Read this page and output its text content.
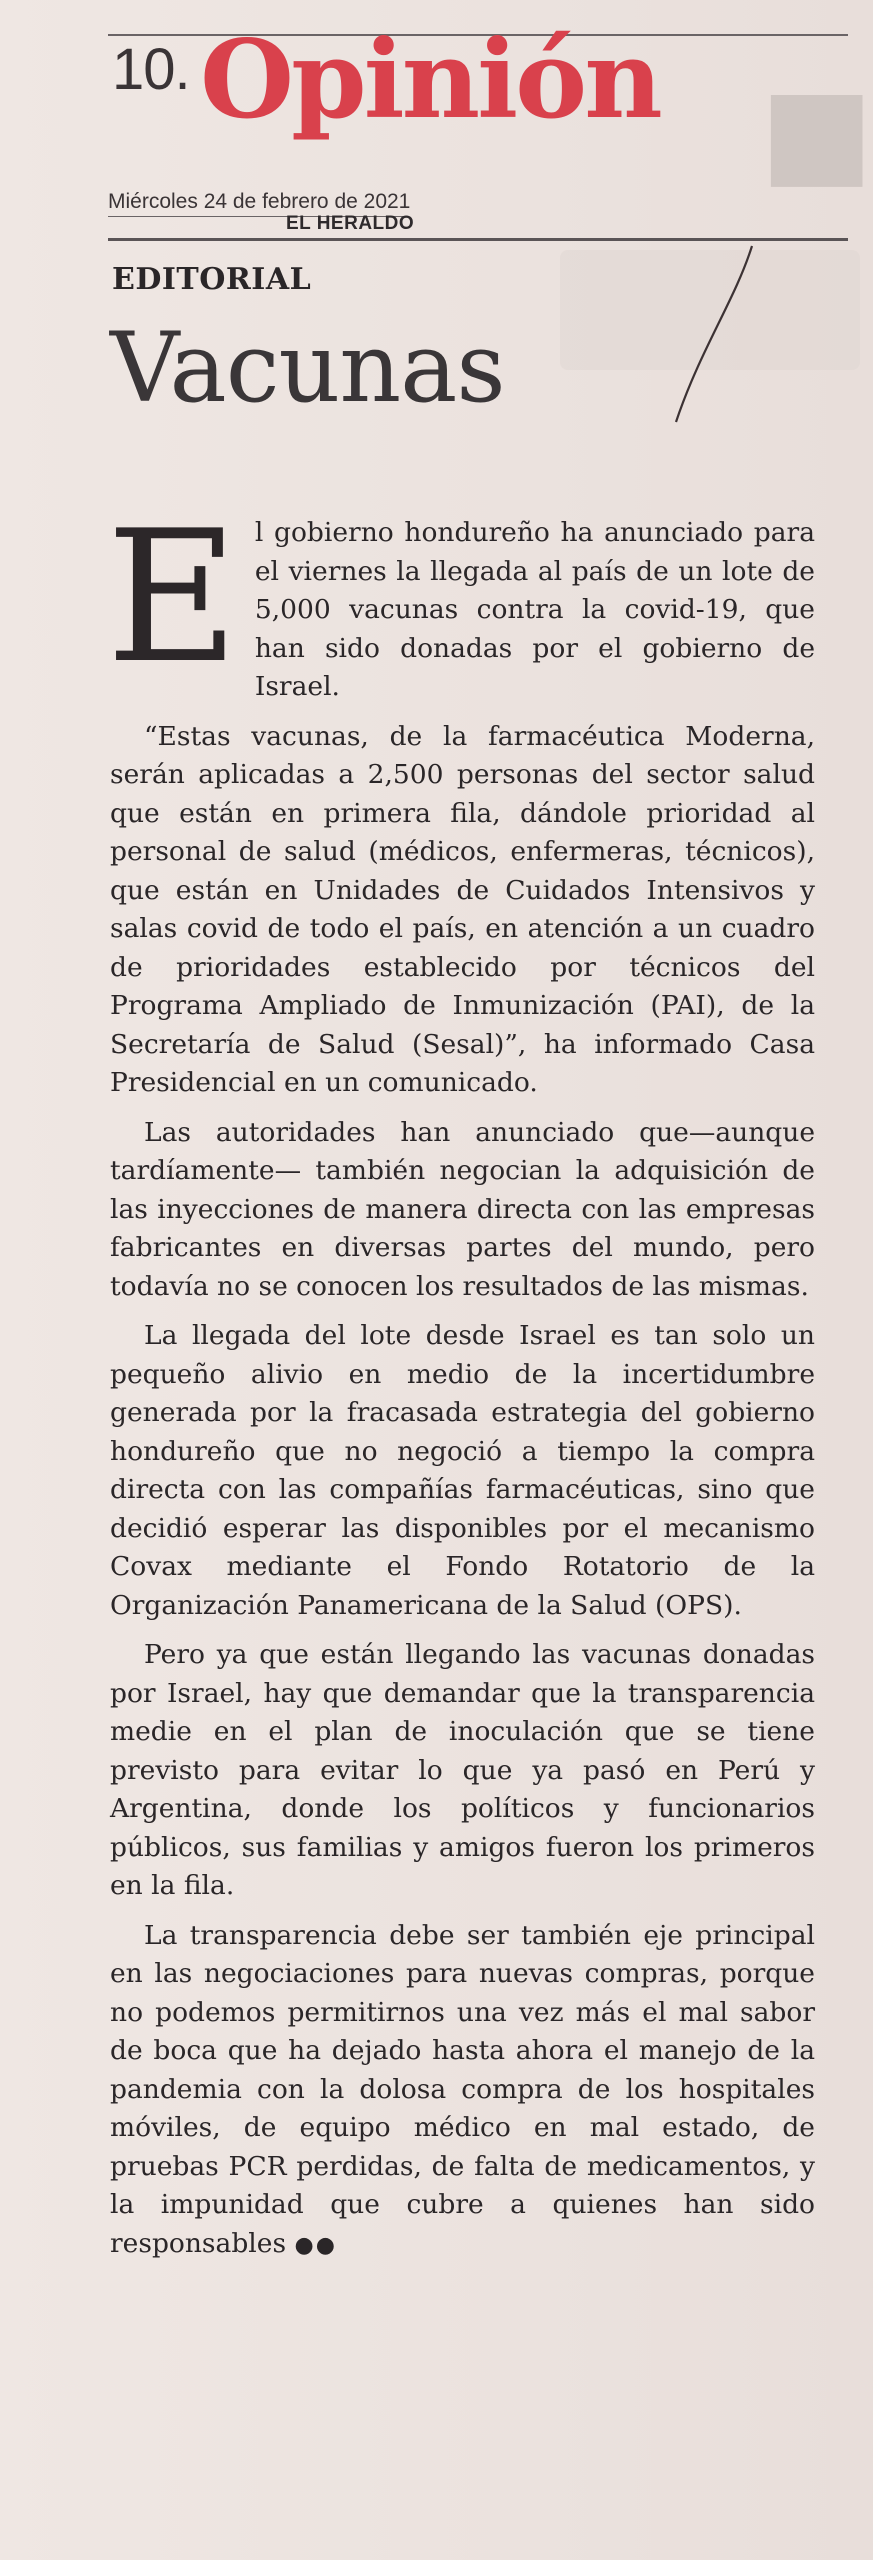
■
10. Opinión
Miércoles 24 de febrero de 2021
EL HERALDO
EDITORIAL
Vacunas

El gobierno hondureño ha anunciado para el viernes la llegada al país de un lote de 5,000 vacunas contra la covid-19, que han sido donadas por el gobierno de Israel.

“Estas vacunas, de la farmacéutica Moderna, serán aplicadas a 2,500 personas del sector salud que están en primera fila, dándole prioridad al personal de salud (médicos, enfermeras, técnicos), que están en Unidades de Cuidados Intensivos y salas covid de todo el país, en atención a un cuadro de prioridades establecido por técnicos del Programa Ampliado de Inmunización (PAI), de la Secretaría de Salud (Sesal)”, ha informado Casa Presidencial en un comunicado.

Las autoridades han anunciado que—aunque tardíamente— también negocian la adquisición de las inyecciones de manera directa con las empresas fabricantes en diversas partes del mundo, pero todavía no se conocen los resultados de las mismas.

La llegada del lote desde Israel es tan solo un pequeño alivio en medio de la incertidumbre generada por la fracasada estrategia del gobierno hondureño que no negoció a tiempo la compra directa con las compañías farmacéuticas, sino que decidió esperar las disponibles por el mecanismo Covax mediante el Fondo Rotatorio de la Organización Panamericana de la Salud (OPS).

Pero ya que están llegando las vacunas donadas por Israel, hay que demandar que la transparencia medie en el plan de inoculación que se tiene previsto para evitar lo que ya pasó en Perú y Argentina, donde los políticos y funcionarios públicos, sus familias y amigos fueron los primeros en la fila.

La transparencia debe ser también eje principal en las negociaciones para nuevas compras, porque no podemos permitirnos una vez más el mal sabor de boca que ha dejado hasta ahora el manejo de la pandemia con la dolosa compra de los hospitales móviles, de equipo médico en mal estado, de pruebas PCR perdidas, de falta de medicamentos, y la impunidad que cubre a quienes han sido responsables ●●
